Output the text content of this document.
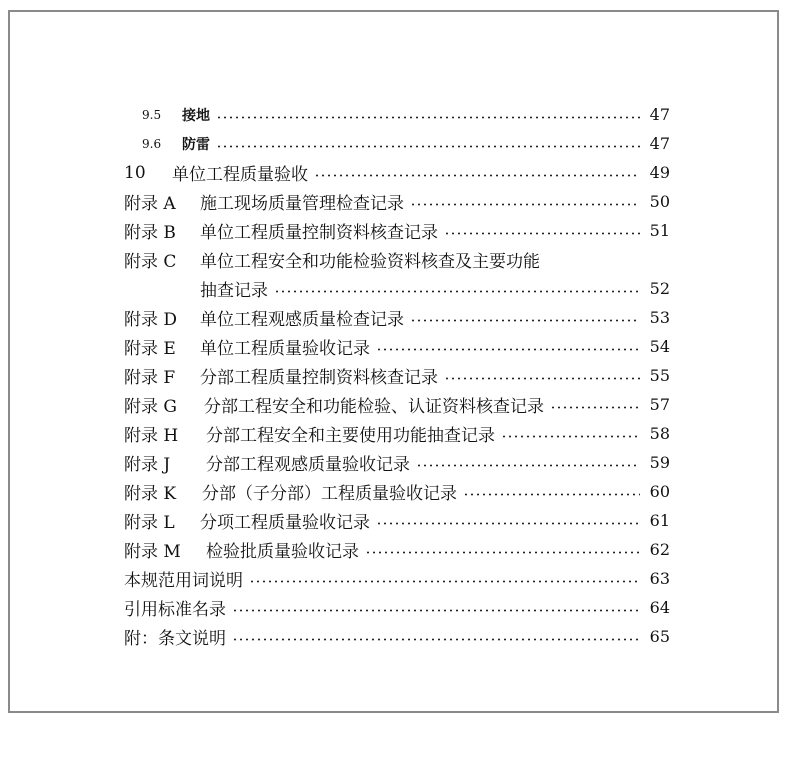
9.5	接地	47
9.6	防雷	47
10	单位工程质量验收	49
附录 A	施工现场质量管理检查记录	50
附录 B	单位工程质量控制资料核查记录	51
附录 C	单位工程安全和功能检验资料核查及主要功能
抽查记录	52
附录 D	单位工程观感质量检查记录	53
附录 E	单位工程质量验收记录	54
附录 F	分部工程质量控制资料核查记录	55
附录 G	分部工程安全和功能检验、认证资料核查记录	57
附录 H	分部工程安全和主要使用功能抽查记录	58
附录 J	分部工程观感质量验收记录	59
附录 K	分部（子分部）工程质量验收记录	60
附录 L	分项工程质量验收记录	61
附录 M	检验批质量验收记录	62
本规范用词说明	63
引用标准名录	64
附：条文说明	65
